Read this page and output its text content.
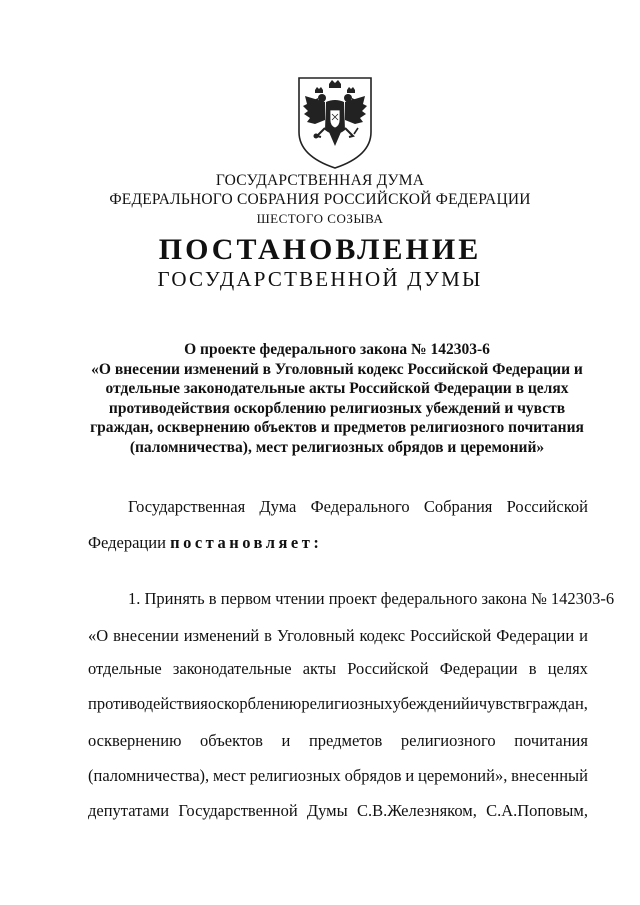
ГОСУДАРСТВЕННАЯ ДУМА
ФЕДЕРАЛЬНОГО СОБРАНИЯ РОССИЙСКОЙ ФЕДЕРАЦИИ
ШЕСТОГО СОЗЫВА
ПОСТАНОВЛЕНИЕ
ГОСУДАРСТВЕННОЙ ДУМЫ
О проекте федерального закона № 142303-6
«О внесении изменений в Уголовный кодекс Российской Федерации и
отдельные законодательные акты Российской Федерации в целях
противодействия оскорблению религиозных убеждений и чувств
граждан, осквернению объектов и предметов религиозного почитания
(паломничества), мест религиозных обрядов и церемоний»
Государственная Дума Федерального Собрания Российской
Федерации постановляет:
1. Принять в первом чтении проект федерального закона № 142303-6
«О внесении изменений в Уголовный кодекс Российской Федерации и
отдельные законодательные акты Российской Федерации в целях
противодействия оскорблению религиозных убеждений и чувств граждан,
осквернению объектов и предметов религиозного почитания
(паломничества), мест религиозных обрядов и церемоний», внесенный
депутатами Государственной Думы С.В.Железняком, С.А.Поповым,
